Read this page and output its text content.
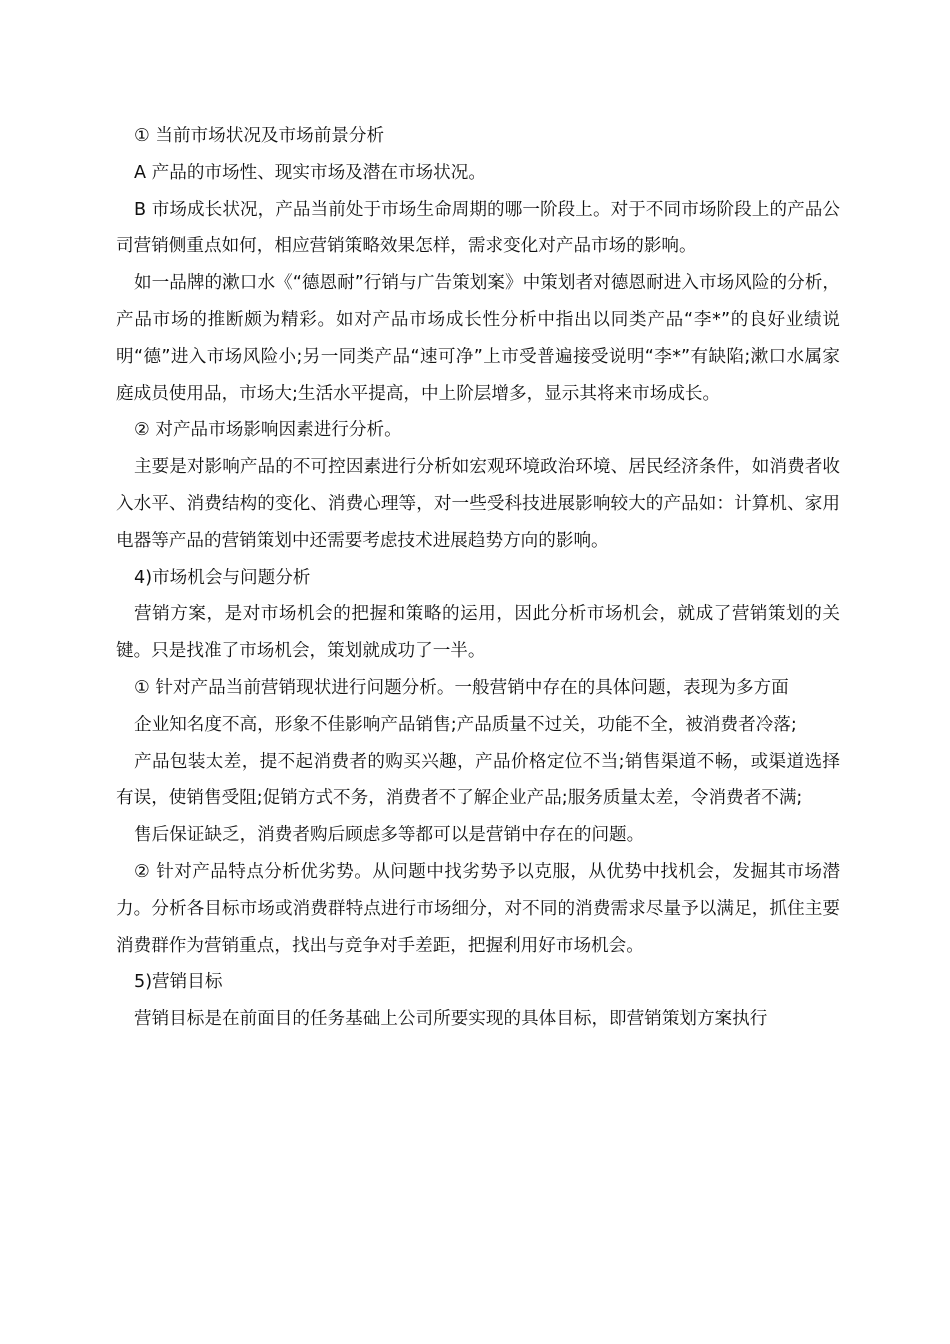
① 当前市场状况及市场前景分析

A 产品的市场性、现实市场及潜在市场状况。

B 市场成长状况，产品当前处于市场生命周期的哪一阶段上。对于不同市场阶段上的产品公司营销侧重点如何，相应营销策略效果怎样，需求变化对产品市场的影响。

如一品牌的漱口水《“德恩耐”行销与广告策划案》中策划者对德恩耐进入市场风险的分析，产品市场的推断颇为精彩。如对产品市场成长性分析中指出以同类产品“李*”的良好业绩说明“德”进入市场风险小;另一同类产品“速可净”上市受普遍接受说明“李*”有缺陷;漱口水属家庭成员使用品，市场大;生活水平提高，中上阶层增多，显示其将来市场成长。

② 对产品市场影响因素进行分析。

主要是对影响产品的不可控因素进行分析如宏观环境政治环境、居民经济条件，如消费者收入水平、消费结构的变化、消费心理等，对一些受科技进展影响较大的产品如：计算机、家用电器等产品的营销策划中还需要考虑技术进展趋势方向的影响。

4)市场机会与问题分析

营销方案，是对市场机会的把握和策略的运用，因此分析市场机会，就成了营销策划的关键。只是找准了市场机会，策划就成功了一半。

① 针对产品当前营销现状进行问题分析。一般营销中存在的具体问题，表现为多方面

企业知名度不高，形象不佳影响产品销售;产品质量不过关，功能不全，被消费者冷落;

产品包装太差，提不起消费者的购买兴趣，产品价格定位不当;销售渠道不畅，或渠道选择有误，使销售受阻;促销方式不务，消费者不了解企业产品;服务质量太差，令消费者不满;

售后保证缺乏，消费者购后顾虑多等都可以是营销中存在的问题。

② 针对产品特点分析优劣势。从问题中找劣势予以克服，从优势中找机会，发掘其市场潜力。分析各目标市场或消费群特点进行市场细分，对不同的消费需求尽量予以满足，抓住主要消费群作为营销重点，找出与竞争对手差距，把握利用好市场机会。

5)营销目标

营销目标是在前面目的任务基础上公司所要实现的具体目标，即营销策划方案执行
